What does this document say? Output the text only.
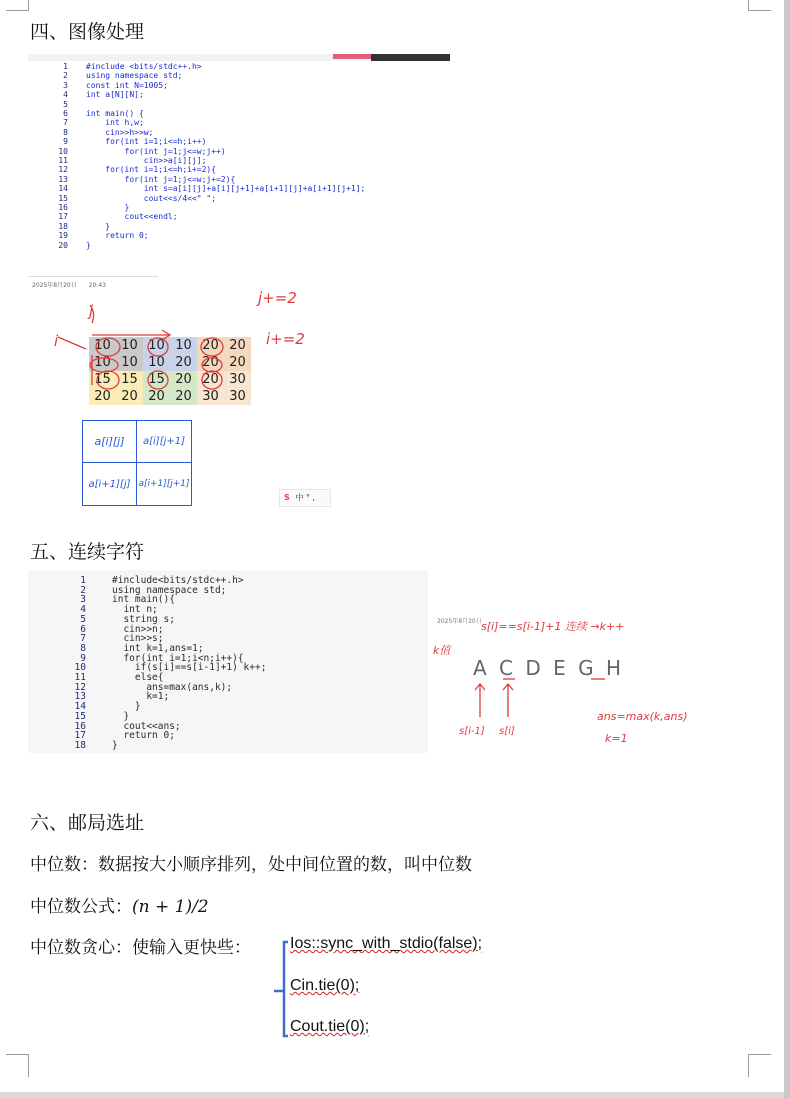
四、图像处理
1 #include <bits/stdc++.h>
2 using namespace std;
3 const int N=1005;
4 int a[N][N];
5
6 int main() {
7 int h,w;
8 cin>>h>>w;
9 for(int i=1;i<=h;i++)
10 for(int j=1;j<=w;j++)
11 cin>>a[i][j];
12 for(int i=1;i<=h;i+=2){
13 for(int j=1;j<=w;j+=2){
14 int s=a[i][j]+a[i][j+1]+a[i+1][j]+a[i+1][j+1];
15 cout<<s/4<<" ";
16 }
17 cout<<endl;
18 }
19 return 0;
20 }
2025年8月20日 20:43
10	10	10	10	20	20
10	10	10	20	20	20
15	15	15	20	20	30
20	20	20	20	30	30
j+=2
i+=2
j
i
a[i][j]	a[i][j+1]
a[i+1][j] a[i+1][j+1]
S 中 ° ,
五、连续字符
1	#include<bits/stdc++.h>
2	using namespace std;
3	int main(){
4	int n;
5	string s;
6	cin>>n;
7	cin>>s;
8	int k=1,ans=1;
9	for(int i=1;i<n;i++){
10	if(s[i]==s[i-1]+1) k++;
11	else{
12	ans=max(ans,k);
13	k=1;
14	}
15	}
16	cout<<ans;
17	return 0;
18	}
2025年8月20日 s[i]==s[i-1]+1 连续 →k++
k值
A C D E G H
s[i-1] s[i]
ans=max(k,ans)
k=1
六、邮局选址
中位数：数据按大小顺序排列，处中间位置的数，叫中位数
中位数公式：(n + 1)/2
中位数贪心：使输入更快些： Ios::sync_with_stdio(false);
Cin.tie(0);
Cout.tie(0);
